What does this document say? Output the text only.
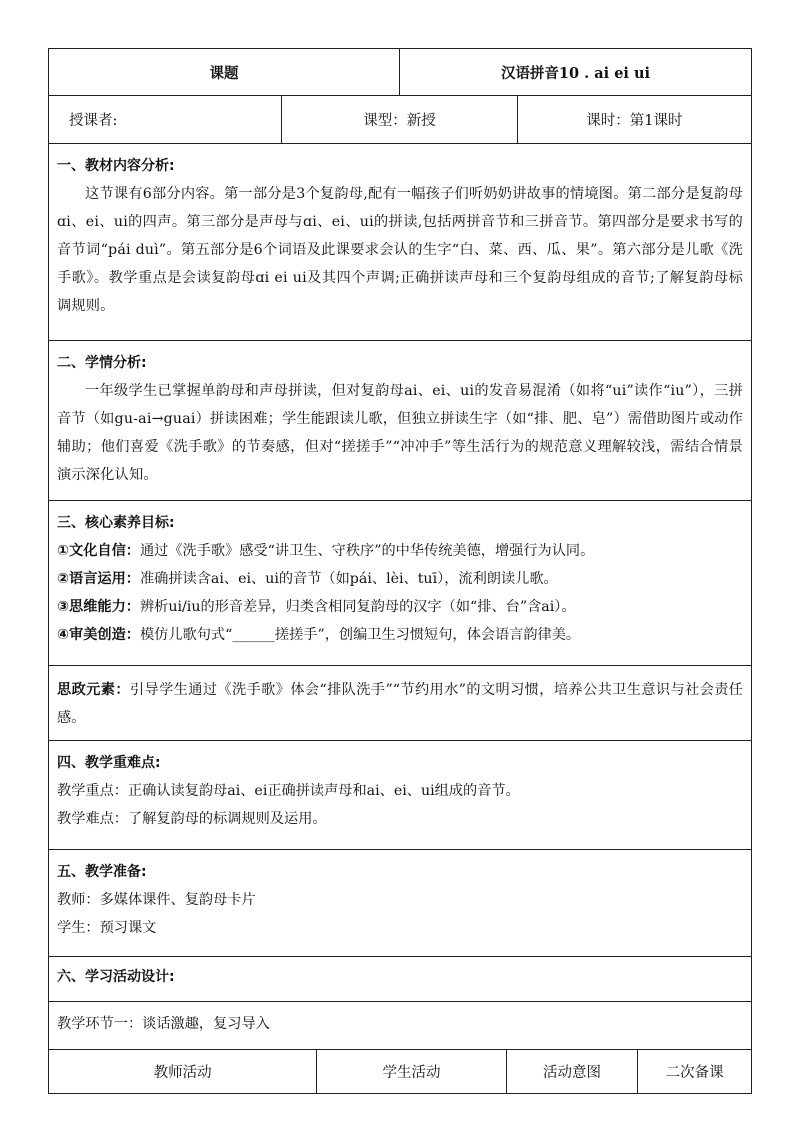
课题	汉语拼音10 . ai ei ui
授课者:	课型：新授	课时：第1课时

一、教材内容分析:

这节课有6部分内容。第一部分是3个复韵母,配有一幅孩子们听奶奶讲故事的情境图。第二部分是复韵母ɑi、ei、ui的四声。第三部分是声母与ɑi、ei、ui的拼读,包括两拼音节和三拼音节。第四部分是要求书写的音节词“pái duì”。第五部分是6个词语及此课要求会认的生字“白、菜、西、瓜、果”。第六部分是儿歌《洗手歌》。教学重点是会读复韵母ɑi ei ui及其四个声调;正确拼读声母和三个复韵母组成的音节;了解复韵母标调规则。

二、学情分析:

一年级学生已掌握单韵母和声母拼读，但对复韵母ai、ei、ui的发音易混淆（如将“ui”读作“iu”），三拼音节（如gu-ai→guai）拼读困难；学生能跟读儿歌，但独立拼读生字（如“排、肥、皂”）需借助图片或动作辅助；他们喜爱《洗手歌》的节奏感，但对“搓搓手”“冲冲手”等生活行为的规范意义理解较浅，需结合情景演示深化认知。

三、核心素养目标:

①文化自信：通过《洗手歌》感受“讲卫生、守秩序”的中华传统美德，增强行为认同。

②语言运用：准确拼读含ai、ei、ui的音节（如pái、lèi、tuī），流利朗读儿歌。

③思维能力：辨析ui/iu的形音差异，归类含相同复韵母的汉字（如“排、台”含ai）。

④审美创造：模仿儿歌句式“______搓搓手”，创编卫生习惯短句，体会语言韵律美。

思政元素：引导学生通过《洗手歌》体会“排队洗手”“节约用水”的文明习惯，培养公共卫生意识与社会责任感。

四、教学重难点:

教学重点：正确认读复韵母ai、ei正确拼读声母和ai、ei、ui组成的音节。

教学难点：了解复韵母的标调规则及运用。

五、教学准备:

教师：多媒体课件、复韵母卡片

学生：预习课文

六、学习活动设计:

教学环节一：谈话激趣，复习导入

教师活动	学生活动	活动意图	二次备课
